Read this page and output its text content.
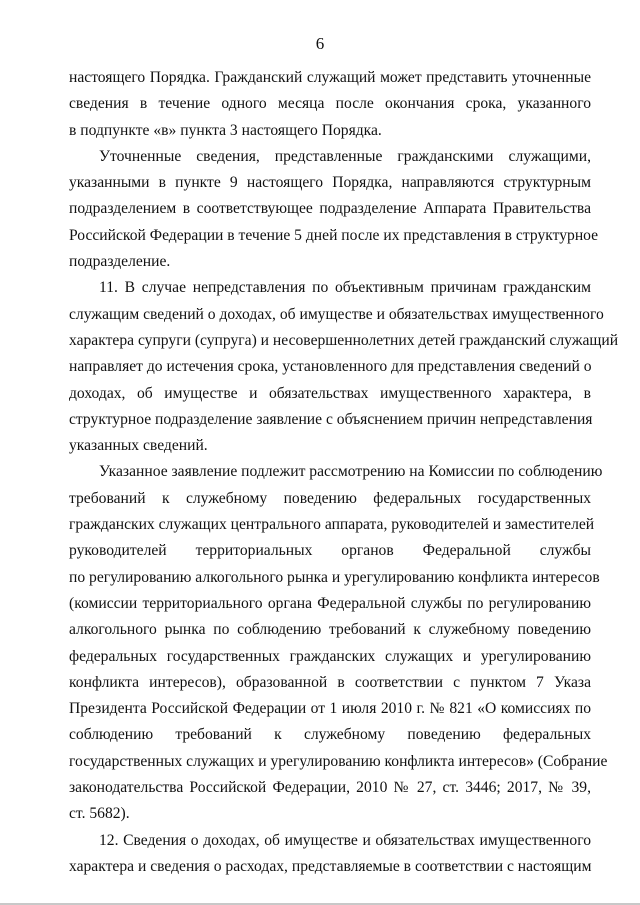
6
настоящего Порядка. Гражданский служащий может представить уточненные
сведения в течение одного месяца после окончания срока, указанного
в подпункте «в» пункта 3 настоящего Порядка.
Уточненные сведения, представленные гражданскими служащими,
указанными в пункте 9 настоящего Порядка, направляются структурным
подразделением в соответствующее подразделение Аппарата Правительства
Российской Федерации в течение 5 дней после их представления в структурное
подразделение.
11. В случае непредставления по объективным причинам гражданским
служащим сведений о доходах, об имуществе и обязательствах имущественного
характера супруги (супруга) и несовершеннолетних детей гражданский служащий
направляет до истечения срока, установленного для представления сведений о
доходах, об имуществе и обязательствах имущественного характера, в
структурное подразделение заявление с объяснением причин непредставления
указанных сведений.
Указанное заявление подлежит рассмотрению на Комиссии по соблюдению
требований к служебному поведению федеральных государственных
гражданских служащих центрального аппарата, руководителей и заместителей
руководителей территориальных органов Федеральной службы
по регулированию алкогольного рынка и урегулированию конфликта интересов
(комиссии территориального органа Федеральной службы по регулированию
алкогольного рынка по соблюдению требований к служебному поведению
федеральных государственных гражданских служащих и урегулированию
конфликта интересов), образованной в соответствии с пунктом 7 Указа
Президента Российской Федерации от 1 июля 2010 г. № 821 «О комиссиях по
соблюдению требований к служебному поведению федеральных
государственных служащих и урегулированию конфликта интересов» (Собрание
законодательства Российской Федерации, 2010 № 27, ст. 3446; 2017, № 39,
ст. 5682).
12. Сведения о доходах, об имуществе и обязательствах имущественного
характера и сведения о расходах, представляемые в соответствии с настоящим
